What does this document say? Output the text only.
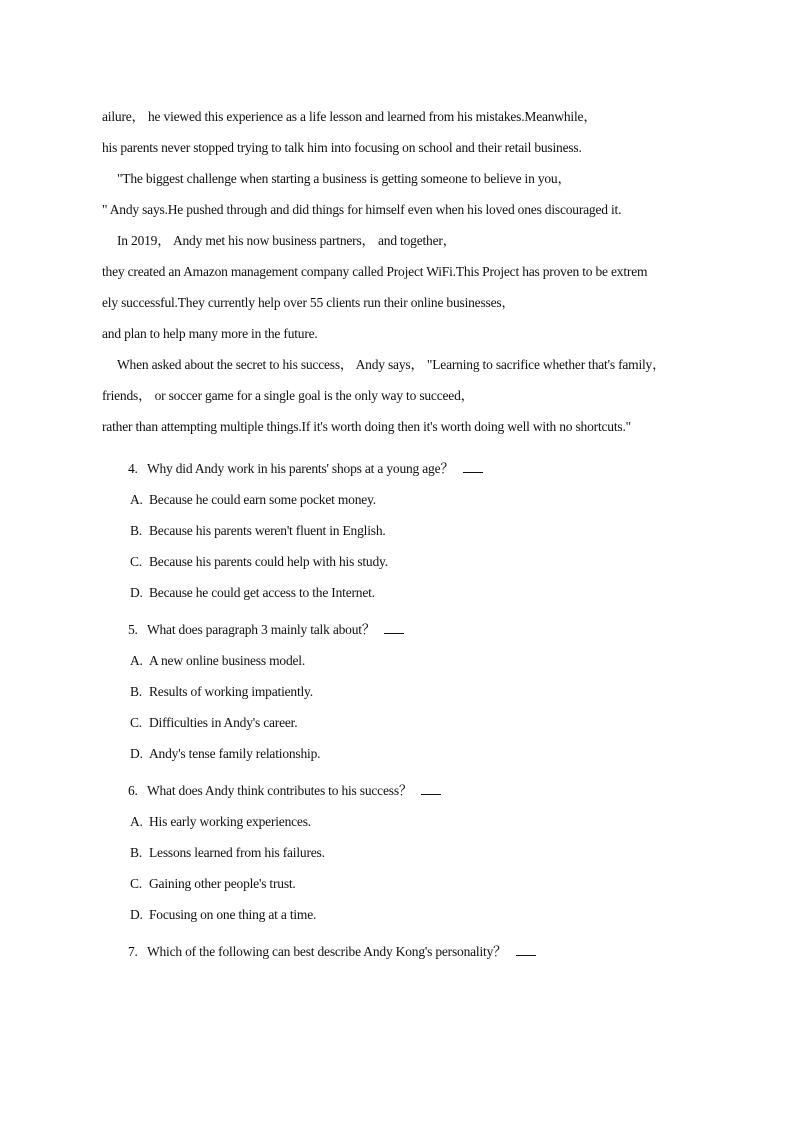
ailure， he viewed this experience as a life lesson and learned from his mistakes.Meanwhile，
his parents never stopped trying to talk him into focusing on school and their retail business.
"The biggest challenge when starting a business is getting someone to believe in you，
" Andy says.He pushed through and did things for himself even when his loved ones discouraged it.
In 2019， Andy met his now business partners， and together，
they created an Amazon management company called Project WiFi.This Project has proven to be extrem
ely successful.They currently help over 55 clients run their online businesses，
and plan to help many more in the future.
When asked about the secret to his success， Andy says， "Learning to sacrifice whether that's family，
friends， or soccer game for a single goal is the only way to succeed，
rather than attempting multiple things.If it's worth doing then it's worth doing well with no shortcuts."
4. Why did Andy work in his parents' shops at a young age？
A. Because he could earn some pocket money.
B. Because his parents weren't fluent in English.
C. Because his parents could help with his study.
D. Because he could get access to the Internet.
5. What does paragraph 3 mainly talk about？
A. A new online business model.
B. Results of working impatiently.
C. Difficulties in Andy's career.
D. Andy's tense family relationship.
6. What does Andy think contributes to his success？
A. His early working experiences.
B. Lessons learned from his failures.
C. Gaining other people's trust.
D. Focusing on one thing at a time.
7. Which of the following can best describe Andy Kong's personality？
